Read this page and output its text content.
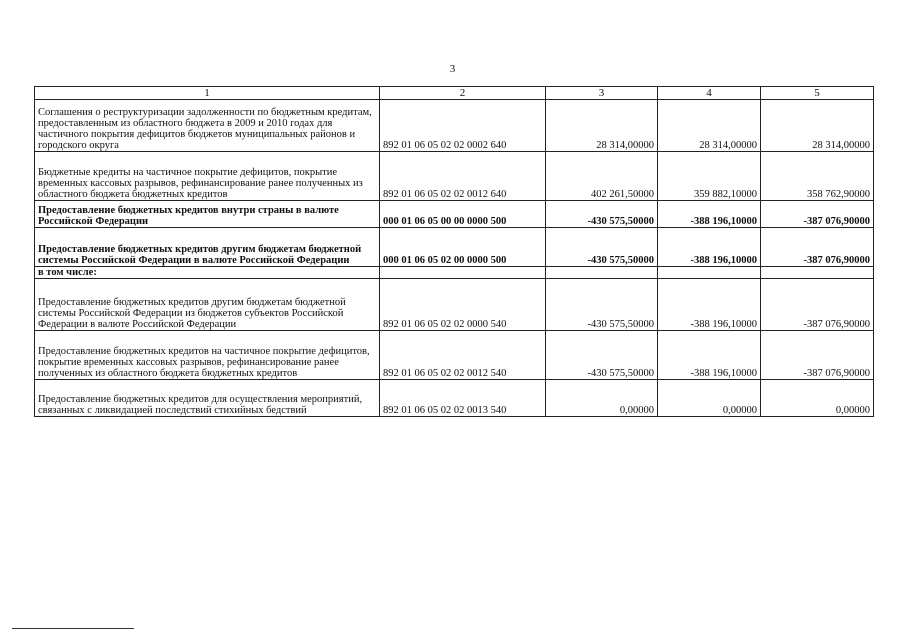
3
1	2	3	4	5
Соглашения о реструктуризации задолженности по бюджетным кредитам, предоставленным из областного бюджета в 2009 и 2010 годах для частичного покрытия дефицитов бюджетов муниципальных районов и городского округа	892 01 06 05 02 02 0002 640	28 314,00000	28 314,00000	28 314,00000
Бюджетные кредиты на частичное покрытие дефицитов, покрытие временных кассовых разрывов, рефинансирование ранее полученных из областного бюджета бюджетных кредитов	892 01 06 05 02 02 0012 640	402 261,50000	359 882,10000	358 762,90000
Предоставление бюджетных кредитов внутри страны в валюте Российской Федерации	000 01 06 05 00 00 0000 500	-430 575,50000	-388 196,10000	-387 076,90000
Предоставление бюджетных кредитов другим бюджетам бюджетной системы Российской Федерации в валюте Российской Федерации	000 01 06 05 02 00 0000 500	-430 575,50000	-388 196,10000	-387 076,90000
в том числе:				
Предоставление бюджетных кредитов другим бюджетам бюджетной системы Российской Федерации из бюджетов субъектов Российской Федерации в валюте Российской Федерации	892 01 06 05 02 02 0000 540	-430 575,50000	-388 196,10000	-387 076,90000
Предоставление бюджетных кредитов на частичное покрытие дефицитов, покрытие временных кассовых разрывов, рефинансирование ранее полученных из областного бюджета бюджетных кредитов	892 01 06 05 02 02 0012 540	-430 575,50000	-388 196,10000	-387 076,90000
Предоставление бюджетных кредитов для осуществления мероприятий, связанных с ликвидацией последствий стихийных бедствий	892 01 06 05 02 02 0013 540	0,00000	0,00000	0,00000
